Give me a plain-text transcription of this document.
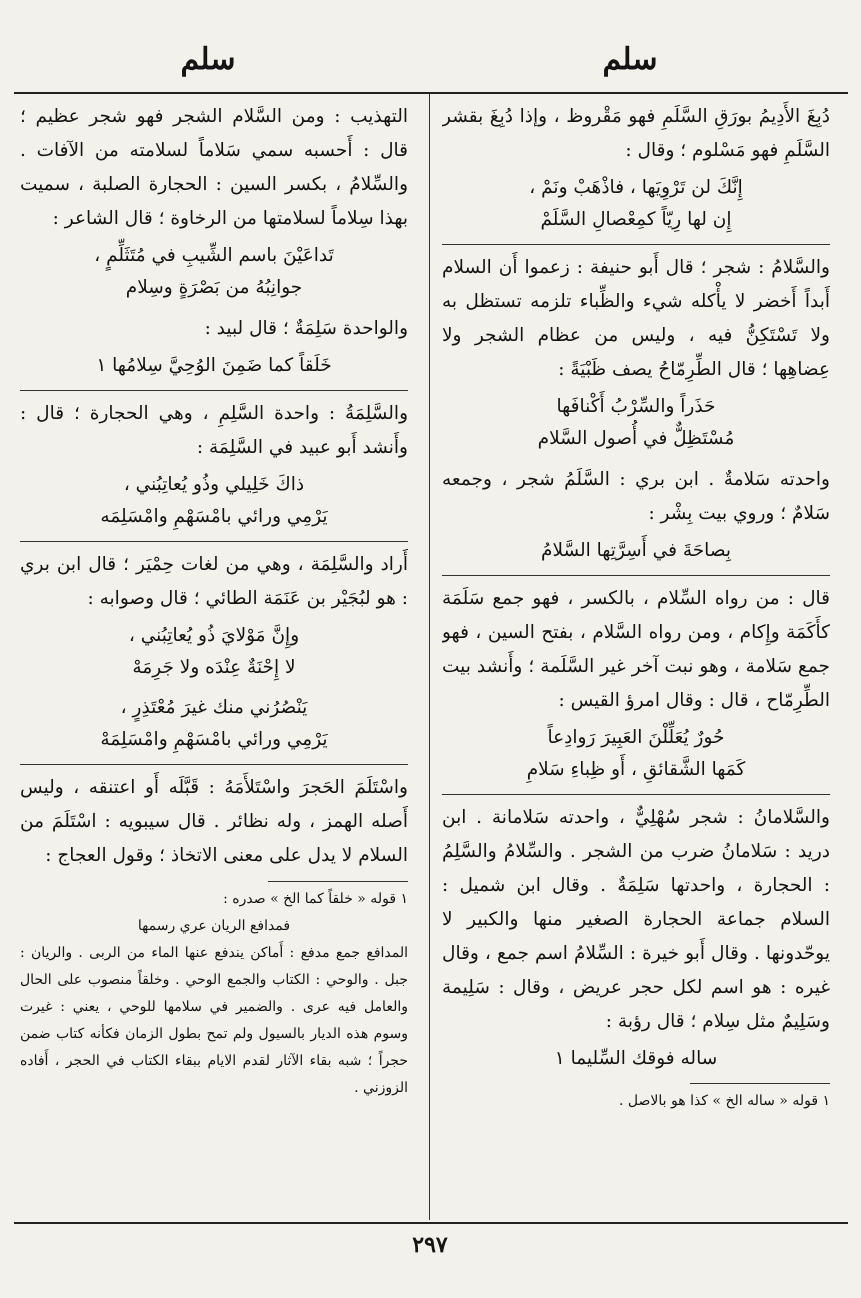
سلم
سلم

دُبِغَ الأَدِيمُ بورَقِ السَّلَمِ فهو مَقْروظ ، وإذا دُبِغَ بقشر السَّلَمِ فهو مَسْلوم ؛ وقال :

إِنَّكَ لن تَرْوِيَها ، فاذْهَبْ ونَمْ ،
إِن لها رِيّاً كمِعْصالِ السَّلَمْ

والسَّلامُ : شجر ؛ قال أَبو حنيفة : زعموا أَن السلام أَبداً أَخضر لا يأْكله شيء والظِّباء تلزمه تستظل به ولا تَسْتَكِنُّ فيه ، وليس من عظام الشجر ولا عِضاهِها ؛ قال الطِّرِمّاحُ يصف ظَبْيَةً :

حَذَراً والسِّرْبُ أَكْنافَها
مُسْتَظِلٌّ في أُصول السَّلام

واحدته سَلامةٌ . ابن بري : السَّلَمُ شجر ، وجمعه سَلامٌ ؛ وروي بيت بِشْر :

بِصاحَةَ في أَسِرَّتِها السَّلامُ

قال : من رواه السِّلام ، بالكسر ، فهو جمع سَلَمَة كأَكَمَة وإِكام ، ومن رواه السَّلام ، بفتح السين ، فهو جمع سَلامة ، وهو نبت آخر غير السَّلَمة ؛ وأَنشد بيت الطِّرِمّاح ، قال : وقال امرؤ القيس :

حُورٌ يُعَلِّلْنَ العَبِيرَ رَوادِعاً
كَمَها الشَّقائقِ ، أَو ظِباءِ سَلامِ

والسَّلامانُ : شجر سُهْلِيٌّ ، واحدته سَلامانة . ابن دريد : سَلامانُ ضرب من الشجر . والسِّلامُ والسَّلِمُ : الحجارة ، واحدتها سَلِمَةٌ . وقال ابن شميل : السلام جماعة الحجارة الصغير منها والكبير لا يوحّدونها . وقال أَبو خيرة : السِّلامُ اسم جمع ، وقال غيره : هو اسم لكل حجر عريض ، وقال : سَلِيمة وسَلِيمٌ مثل سِلام ؛ قال رؤبة :

ساله فوقك السِّليما ١
١ قوله « ساله الخ » كذا هو بالاصل .

التهذيب : ومن السَّلام الشجر فهو شجر عظيم ؛ قال : أَحسبه سمي سَلاماً لسلامته من الآفات . والسِّلامُ ، بكسر السين : الحجارة الصلبة ، سميت بهذا سِلاماً لسلامتها من الرخاوة ؛ قال الشاعر :

تَداعَيْنَ باسم الشِّيبِ في مُتَثَلِّمٍ ،
جوانِبُهُ من بَصْرَةٍ وسِلام

والواحدة سَلِمَةٌ ؛ قال لبيد :

خَلَقاً كما ضَمِنَ الوُحِيَّ سِلامُها ١

والسَّلِمَةُ : واحدة السَّلِمِ ، وهي الحجارة ؛ قال : وأَنشد أَبو عبيد في السَّلِمَة :

ذاكَ خَلِيلي وذُو يُعاتِبُني ،
يَرْمِي ورائي بامْسَهْمِ وامْسَلِمَه

أَراد والسَّلِمَة ، وهي من لغات حِمْيَر ؛ قال ابن بري : هو لبُجَيْر بن عَنَمَة الطائي ؛ قال وصوابه :

وإِنَّ مَوْلايَ ذُو يُعاتِبُني ،
لا إِحْنَةٌ عِنْدَه ولا جَرِمَهْ
يَنْصُرُني منك غيرَ مُعْتَذِرٍ ،
يَرْمِي ورائي بامْسَهْمِ وامْسَلِمَهْ

واسْتَلَمَ الحَجرَ واسْتَلأَمَهُ : قَبَّلَه أَو اعتنقه ، وليس أَصله الهمز ، وله نظائر . قال سيبويه : اسْتَلَمَ من السلام لا يدل على معنى الاتخاذ ؛ وقول العجاج :

١ قوله « خلقاً كما الخ » صدره :
فمدافع الريان عري رسمها
المدافع جمع مدفع : أَماكن يندفع عنها الماء من الربى . والريان : جبل . والوحي : الكتاب والجمع الوحي . وخلقاً منصوب على الحال والعامل فيه عرى . والضمير في سلامها للوحي ، يعني : غيرت وسوم هذه الديار بالسيول ولم تمح بطول الزمان فكأنه كتاب ضمن حجراً ؛ شبه بقاء الآثار لقدم الايام ببقاء الكتاب في الحجر ، أَفاده الزوزني .
٢٩٧
